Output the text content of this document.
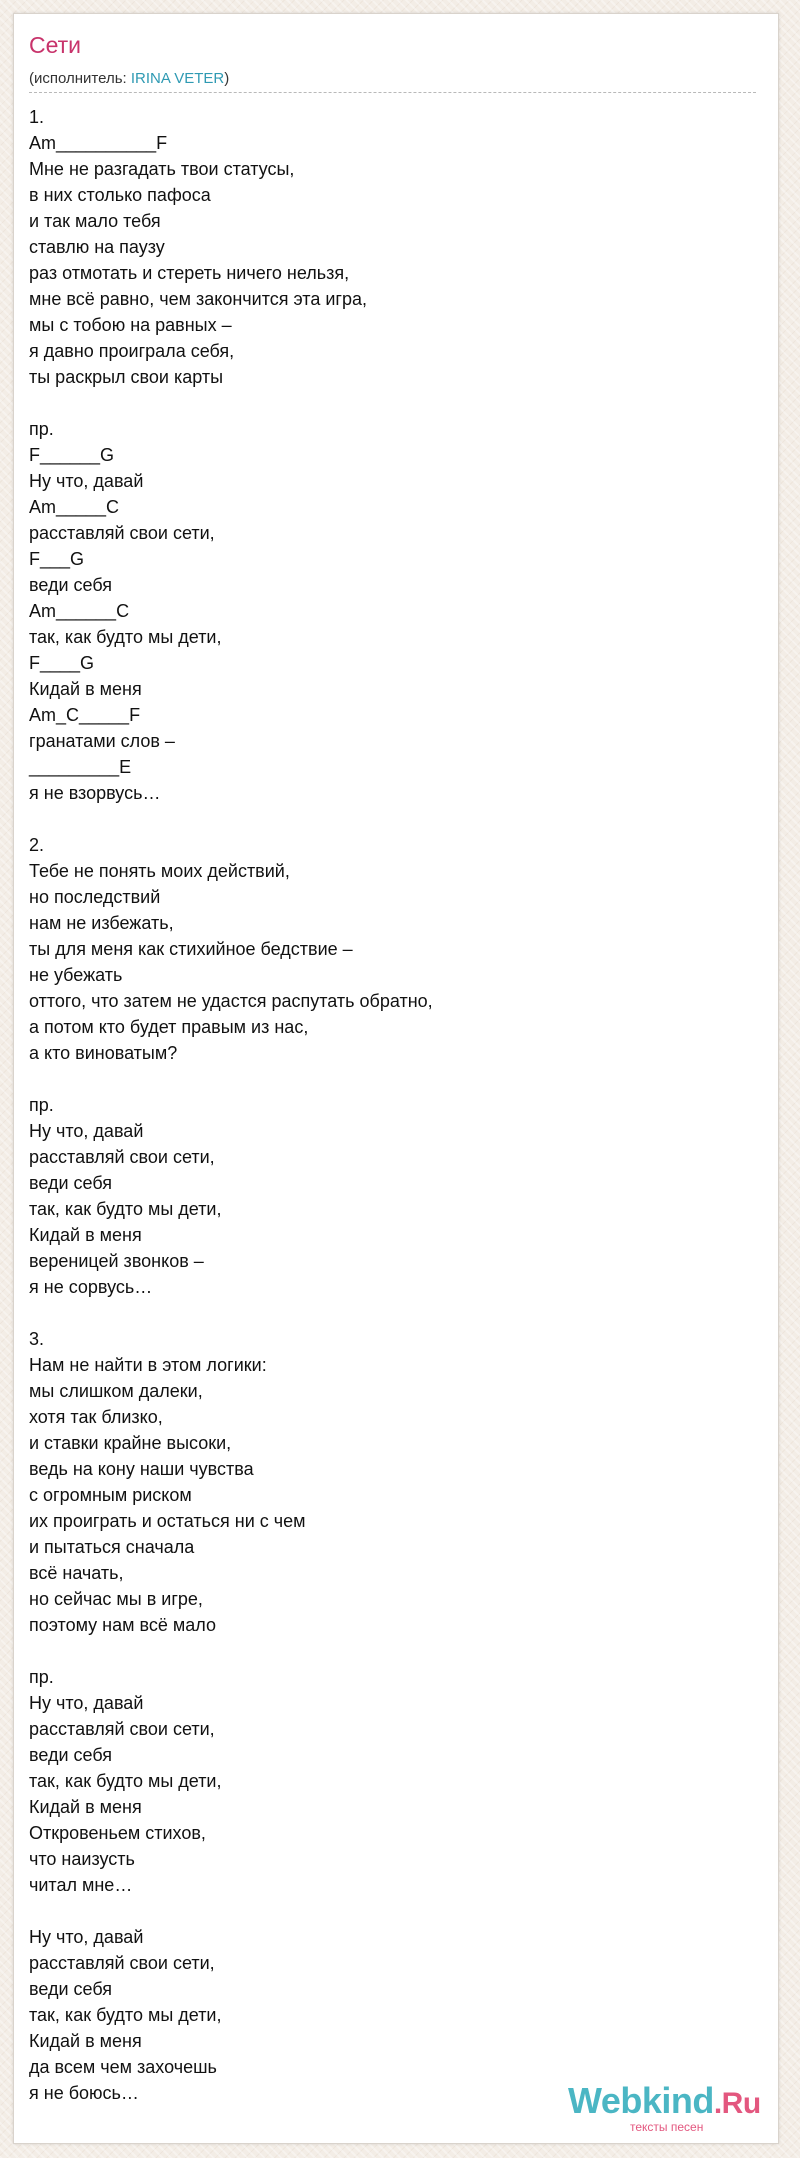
Сети
(исполнитель: IRINA VETER)
1.
Am__________F
Мне не разгадать твои статусы,
в них столько пафоса
и так мало тебя
ставлю на паузу
раз отмотать и стереть ничего нельзя,
мне всё равно, чем закончится эта игра,
мы с тобою на равных –
я давно проиграла себя,
ты раскрыл свои карты
пр.
F______G
Ну что, давай
Am_____C
расставляй свои сети,
F___G
веди себя
Am______C
так, как будто мы дети,
F____G
Кидай в меня
Am_C_____F
гранатами слов –
_________E
я не взорвусь…
2.
Тебе не понять моих действий,
но последствий
нам не избежать,
ты для меня как стихийное бедствие –
не убежать
оттого, что затем не удастся распутать обратно,
а потом кто будет правым из нас,
а кто виноватым?
пр.
Ну что, давай
расставляй свои сети,
веди себя
так, как будто мы дети,
Кидай в меня
вереницей звонков –
я не сорвусь…
3.
Нам не найти в этом логики:
мы слишком далеки,
хотя так близко,
и ставки крайне высоки,
ведь на кону наши чувства
с огромным риском
их проиграть и остаться ни с чем
и пытаться сначала
всё начать,
но сейчас мы в игре,
поэтому нам всё мало
пр.
Ну что, давай
расставляй свои сети,
веди себя
так, как будто мы дети,
Кидай в меня
Откровеньем стихов,
что наизусть
читал мне…
Ну что, давай
расставляй свои сети,
веди себя
так, как будто мы дети,
Кидай в меня
да всем чем захочешь
я не боюсь…	Webkind.Ru
тексты песен
